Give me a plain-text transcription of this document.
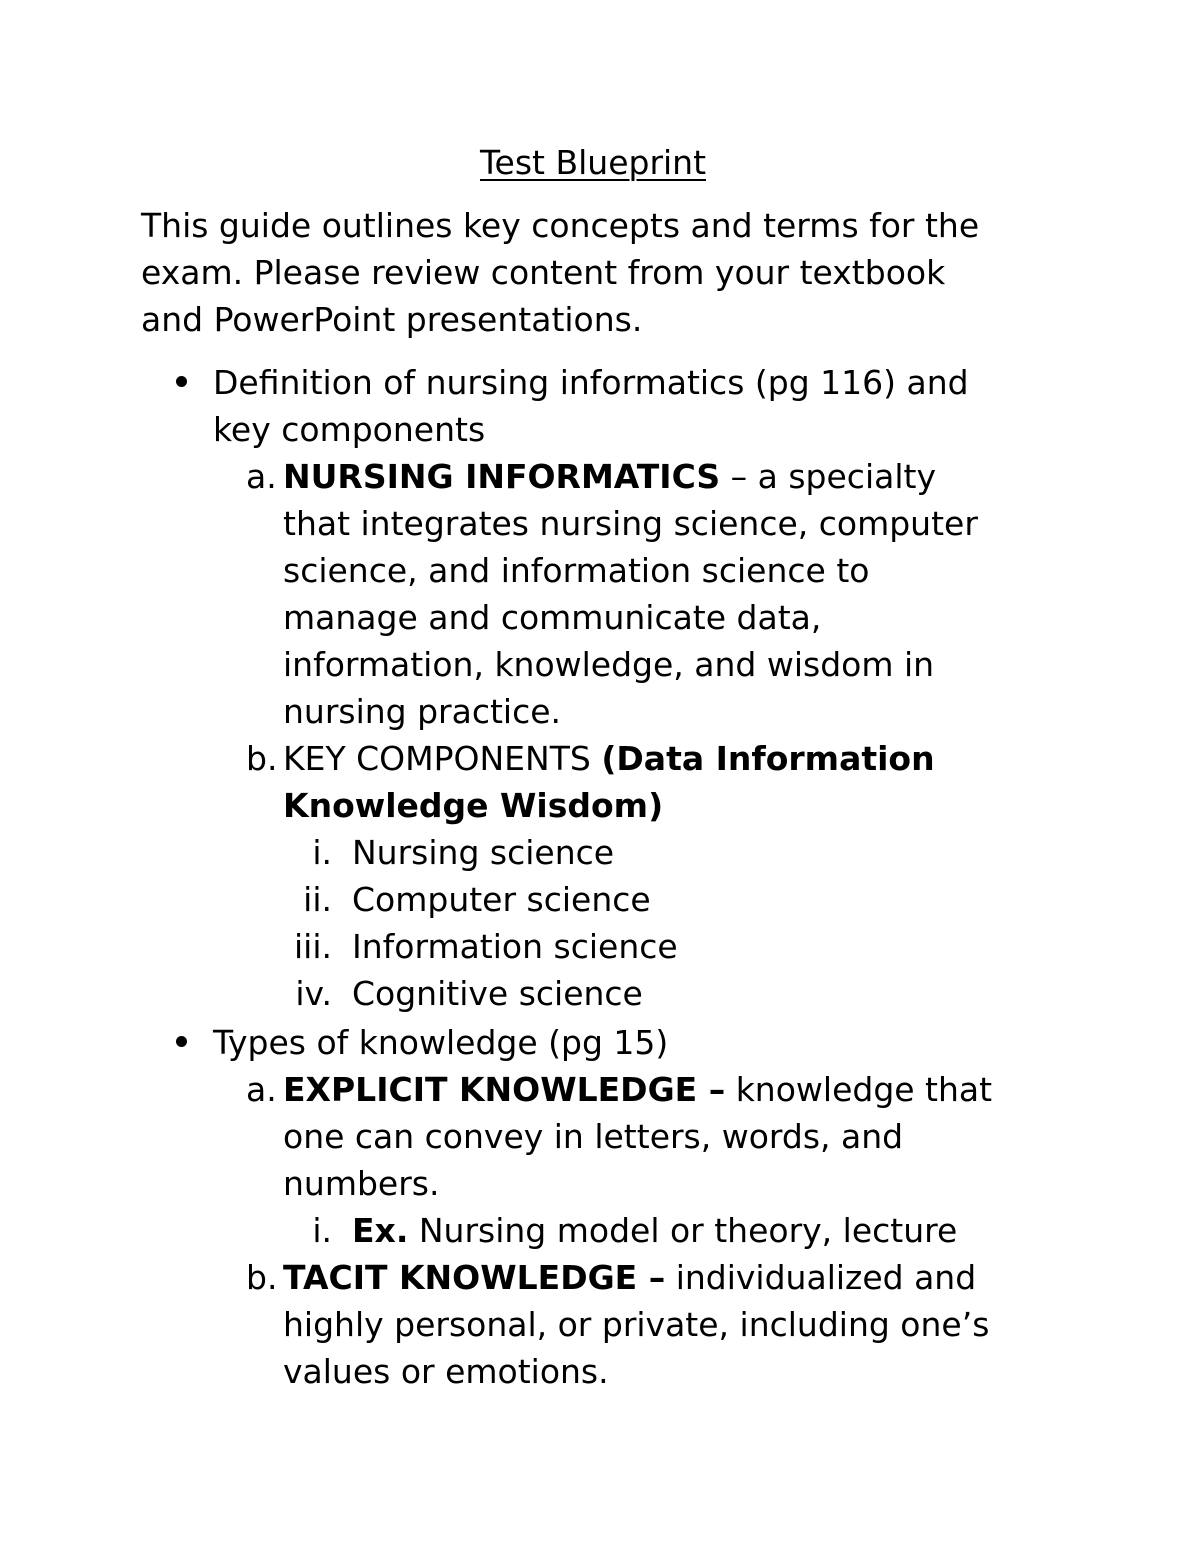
Test Blueprint
This guide outlines key concepts and terms for the
exam. Please review content from your textbook
and PowerPoint presentations.
Definition of nursing informatics (pg 116) and
key components
a. NURSING INFORMATICS – a specialty
that integrates nursing science, computer
science, and information science to
manage and communicate data,
information, knowledge, and wisdom in
nursing practice.
b. KEY COMPONENTS (Data Information
Knowledge Wisdom)
i. Nursing science
ii. Computer science
iii. Information science
iv. Cognitive science
Types of knowledge (pg 15)
a. EXPLICIT KNOWLEDGE – knowledge that
one can convey in letters, words, and
numbers.
i. Ex. Nursing model or theory, lecture
b. TACIT KNOWLEDGE – individualized and
highly personal, or private, including one’s
values or emotions.
